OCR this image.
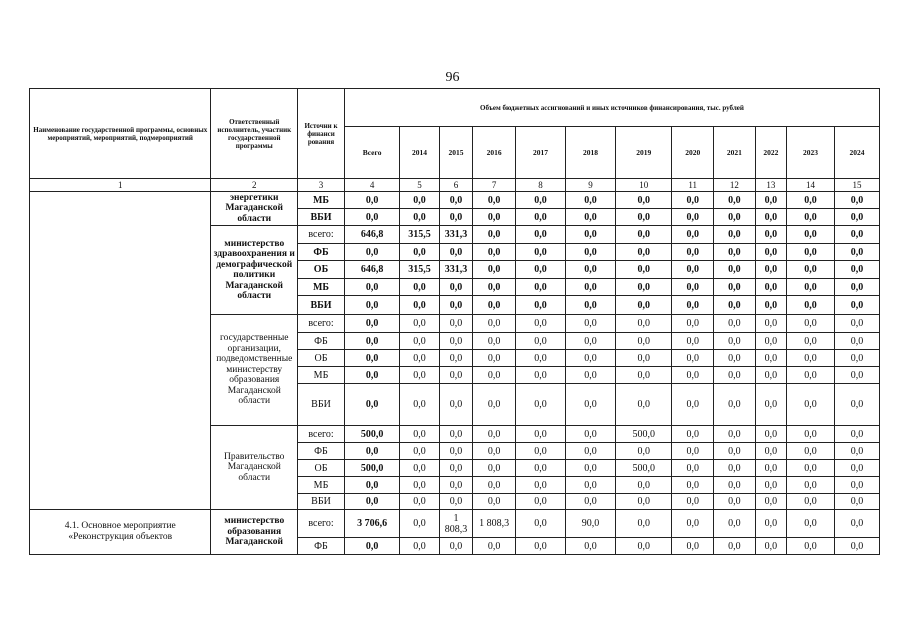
96
Наименование государственной программы, основных мероприятий, мероприятий, подмероприятий	Ответственный исполнитель, участник государственной программы	Источни к финанси рования	Объем бюджетных ассигнований и иных источников финансирования, тыс. рублей											
			Всего	2014	2015	2016	2017	2018	2019	2020	2021	2022	2023	2024
1	2	3	4	5	6	7	8	9	10	11	12	13	14	15
	энергетики Магаданской области	МБ	0,0	0,0	0,0	0,0	0,0	0,0	0,0	0,0	0,0	0,0	0,0	0,0
		ВБИ	0,0	0,0	0,0	0,0	0,0	0,0	0,0	0,0	0,0	0,0	0,0	0,0
	министерство здравоохранения и демографической политики Магаданской области	всего:	646,8	315,5	331,3	0,0	0,0	0,0	0,0	0,0	0,0	0,0	0,0	0,0
		ФБ	0,0	0,0	0,0	0,0	0,0	0,0	0,0	0,0	0,0	0,0	0,0	0,0
		ОБ	646,8	315,5	331,3	0,0	0,0	0,0	0,0	0,0	0,0	0,0	0,0	0,0
		МБ	0,0	0,0	0,0	0,0	0,0	0,0	0,0	0,0	0,0	0,0	0,0	0,0
		ВБИ	0,0	0,0	0,0	0,0	0,0	0,0	0,0	0,0	0,0	0,0	0,0	0,0
	государственные организации, подведомственные министерству образования Магаданской области	всего:	0,0	0,0	0,0	0,0	0,0	0,0	0,0	0,0	0,0	0,0	0,0	0,0
		ФБ	0,0	0,0	0,0	0,0	0,0	0,0	0,0	0,0	0,0	0,0	0,0	0,0
		ОБ	0,0	0,0	0,0	0,0	0,0	0,0	0,0	0,0	0,0	0,0	0,0	0,0
		МБ	0,0	0,0	0,0	0,0	0,0	0,0	0,0	0,0	0,0	0,0	0,0	0,0
		ВБИ	0,0	0,0	0,0	0,0	0,0	0,0	0,0	0,0	0,0	0,0	0,0	0,0
	Правительство Магаданской области	всего:	500,0	0,0	0,0	0,0	0,0	0,0	500,0	0,0	0,0	0,0	0,0	0,0
		ФБ	0,0	0,0	0,0	0,0	0,0	0,0	0,0	0,0	0,0	0,0	0,0	0,0
		ОБ	500,0	0,0	0,0	0,0	0,0	0,0	500,0	0,0	0,0	0,0	0,0	0,0
		МБ	0,0	0,0	0,0	0,0	0,0	0,0	0,0	0,0	0,0	0,0	0,0	0,0
		ВБИ	0,0	0,0	0,0	0,0	0,0	0,0	0,0	0,0	0,0	0,0	0,0	0,0
4.1. Основное мероприятие «Реконструкция объектов	министерство образования Магаданской	всего:	3 706,6	0,0	1 808,3	1 808,3	0,0	90,0	0,0	0,0	0,0	0,0	0,0	0,0
		ФБ	0,0	0,0	0,0	0,0	0,0	0,0	0,0	0,0	0,0	0,0	0,0	0,0
